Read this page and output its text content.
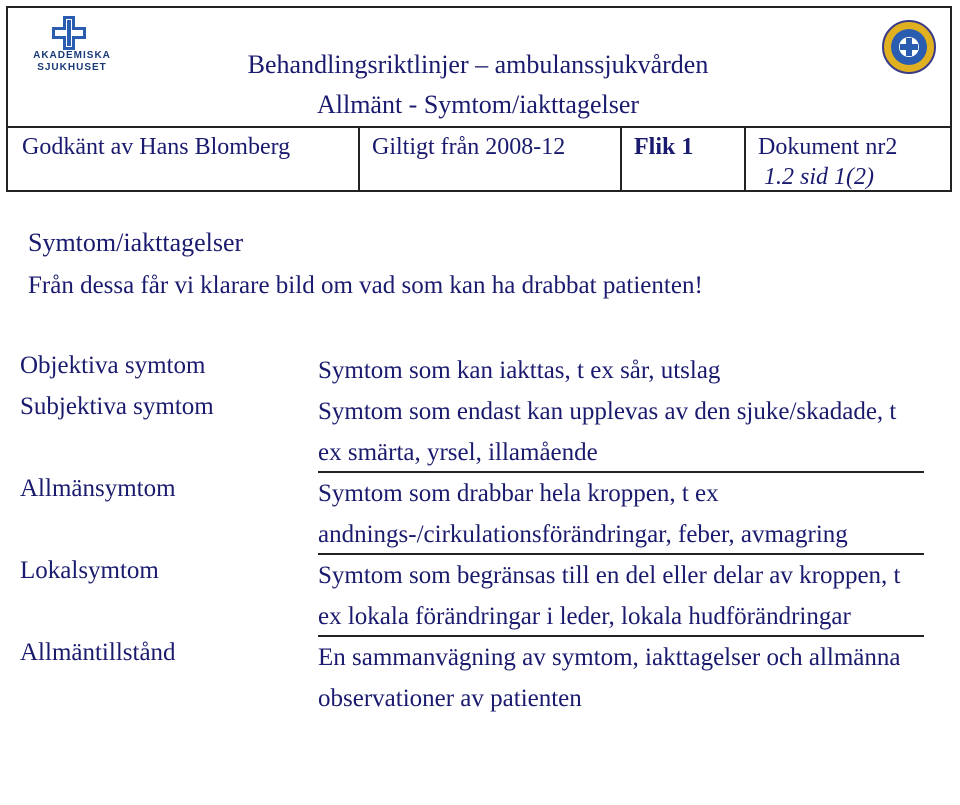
AKADEMISKA
SJUKHUSET	Behandlingsriktlinjer – ambulanssjukvården
Allmänt - Symtom/iakttagelser
Godkänt av Hans Blomberg	Giltigt från 2008-12	Flik 1	Dokument nr2
1.2 sid 1(2)
Symtom/iakttagelser
Från dessa får vi klarare bild om vad som kan ha drabbat patienten!
Objektiva symtom	Symtom som kan iakttas, t ex sår, utslag
Subjektiva symtom	Symtom som endast kan upplevas av den sjuke/skadade, t ex smärta, yrsel, illamående
Allmänsymtom	Symtom som drabbar hela kroppen, t ex andnings-/cirkulationsförändringar, feber, avmagring
Lokalsymtom	Symtom som begränsas till en del eller delar av kroppen, t ex lokala förändringar i leder, lokala hudförändringar
Allmäntillstånd	En sammanvägning av symtom, iakttagelser och allmänna observationer av patienten
